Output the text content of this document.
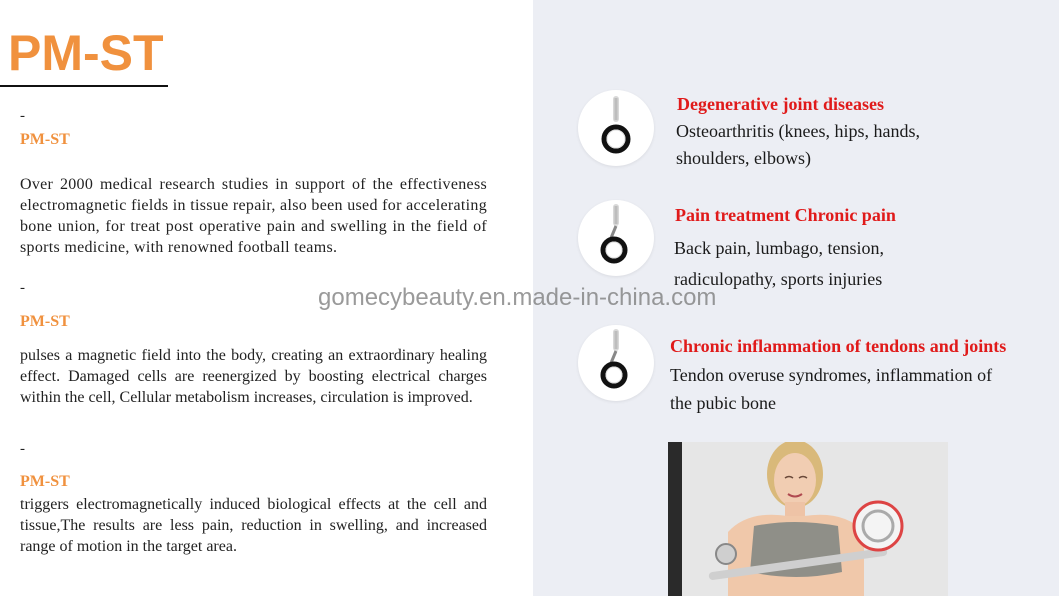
PM-ST
-
PM-ST
Over 2000 medical research studies in support of the effectiveness electromagnetic fields in tissue repair, also been used for accelerating bone union, for treat post operative pain and swelling in the field of sports medicine, with renowned football teams.
-
PM-ST
pulses a magnetic field into the body, creating an extraordinary healing effect. Damaged cells are reenergized by boosting electrical charges within the cell, Cellular metabolism increases, circulation is improved.
-
PM-ST
triggers electromagnetically induced biological effects at the cell and tissue,The results are less pain, reduction in swelling, and increased range of motion in the target area.
Degenerative joint diseases
Osteoarthritis (knees, hips, hands,
shoulders, elbows)
Pain treatment Chronic pain
Back pain, lumbago, tension,
radiculopathy, sports injuries
Chronic inflammation of tendons and joints
Tendon overuse syndromes, inflammation of
the pubic bone
gomecybeauty.en.made-in-china.com
